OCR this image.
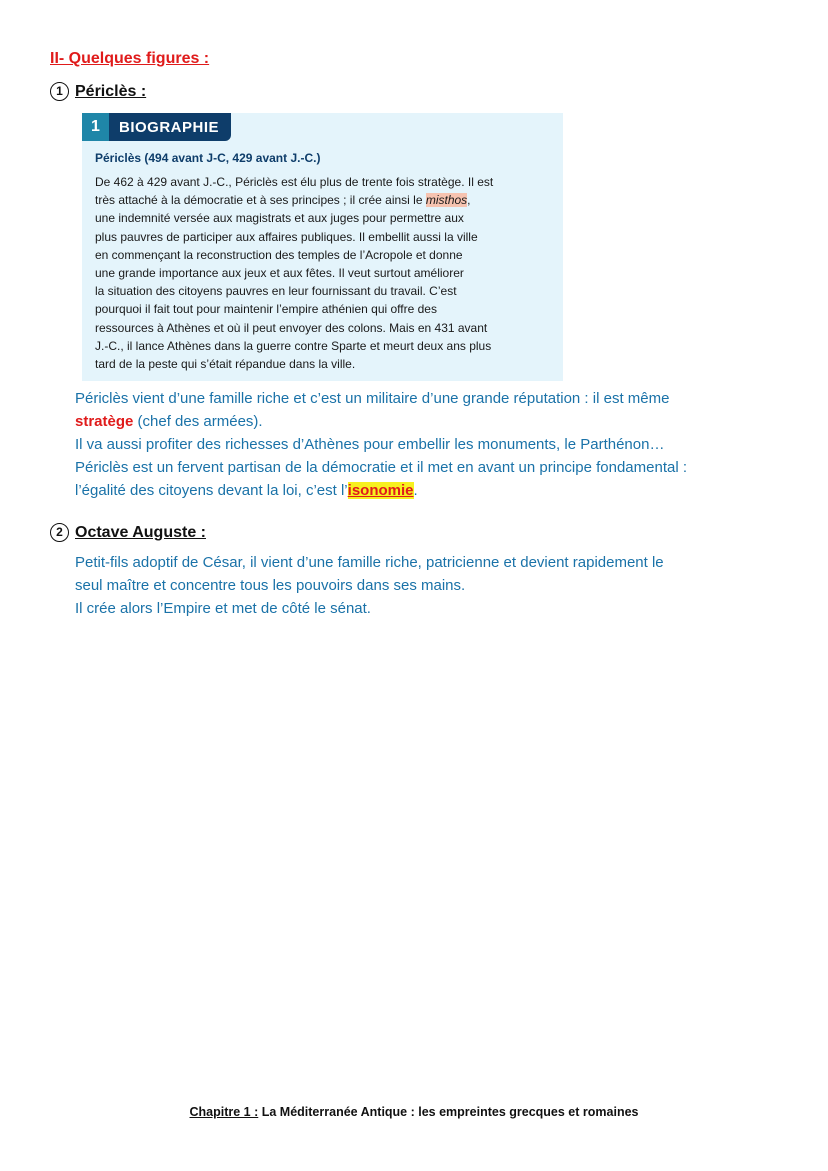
II- Quelques figures :
1 Périclès :
1	BIOGRAPHIE

Périclès (494 avant J-C, 429 avant J.-C.)

De 462 à 429 avant J.-C., Périclès est élu plus de trente fois stratège. Il est

très attaché à la démocratie et à ses principes ; il crée ainsi le misthos,

une indemnité versée aux magistrats et aux juges pour permettre aux

plus pauvres de participer aux affaires publiques. Il embellit aussi la ville

en commençant la reconstruction des temples de l’Acropole et donne

une grande importance aux jeux et aux fêtes. Il veut surtout améliorer

la situation des citoyens pauvres en leur fournissant du travail. C’est

pourquoi il fait tout pour maintenir l’empire athénien qui offre des

ressources à Athènes et où il peut envoyer des colons. Mais en 431 avant

J.-C., il lance Athènes dans la guerre contre Sparte et meurt deux ans plus

tard de la peste qui s’était répandue dans la ville.

Périclès vient d’une famille riche et c’est un militaire d’une grande réputation : il est même

stratège (chef des armées).

Il va aussi profiter des richesses d’Athènes pour embellir les monuments, le Parthénon…

Périclès est un fervent partisan de la démocratie et il met en avant un principe fondamental :

l’égalité des citoyens devant la loi, c’est l’isonomie.

2 Octave Auguste :

Petit-fils adoptif de César, il vient d’une famille riche, patricienne et devient rapidement le

seul maître et concentre tous les pouvoirs dans ses mains.

Il crée alors l’Empire et met de côté le sénat.

Chapitre 1 : La Méditerranée Antique : les empreintes grecques et romaines
